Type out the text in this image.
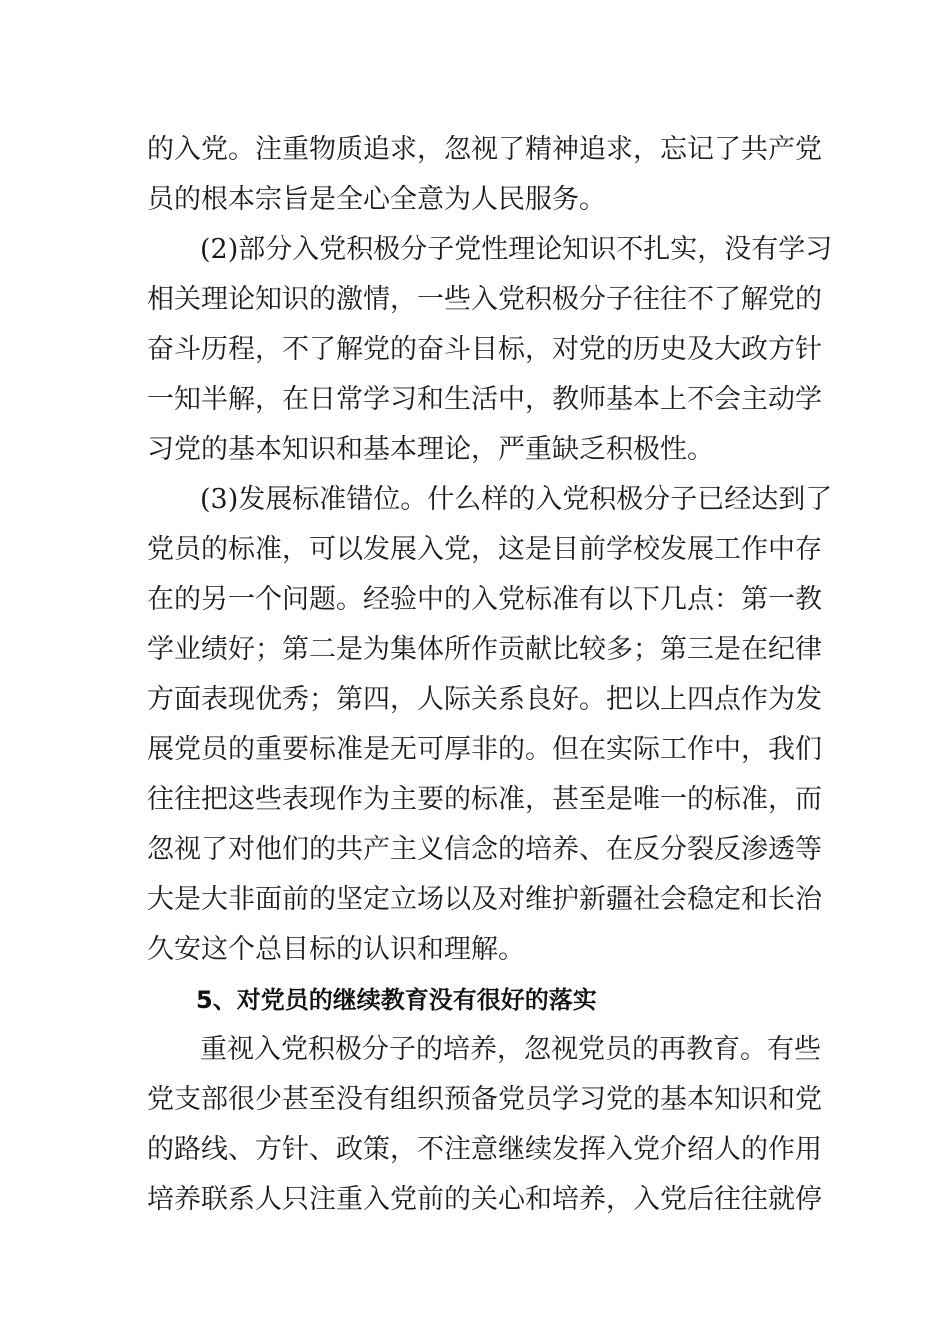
的入党。注重物质追求，忽视了精神追求，忘记了共产党
员的根本宗旨是全心全意为人民服务。
(2)部分入党积极分子党性理论知识不扎实，没有学习
相关理论知识的激情，一些入党积极分子往往不了解党的
奋斗历程，不了解党的奋斗目标，对党的历史及大政方针
一知半解，在日常学习和生活中，教师基本上不会主动学
习党的基本知识和基本理论，严重缺乏积极性。
(3)发展标准错位。什么样的入党积极分子已经达到了
党员的标准，可以发展入党，这是目前学校发展工作中存
在的另一个问题。经验中的入党标准有以下几点：第一教
学业绩好；第二是为集体所作贡献比较多；第三是在纪律
方面表现优秀；第四，人际关系良好。把以上四点作为发
展党员的重要标准是无可厚非的。但在实际工作中，我们
往往把这些表现作为主要的标准，甚至是唯一的标准，而
忽视了对他们的共产主义信念的培养、在反分裂反渗透等
大是大非面前的坚定立场以及对维护新疆社会稳定和长治
久安这个总目标的认识和理解。
5、对党员的继续教育没有很好的落实
重视入党积极分子的培养，忽视党员的再教育。有些
党支部很少甚至没有组织预备党员学习党的基本知识和党
的路线、方针、政策，不注意继续发挥入党介绍人的作用
培养联系人只注重入党前的关心和培养，入党后往往就停
